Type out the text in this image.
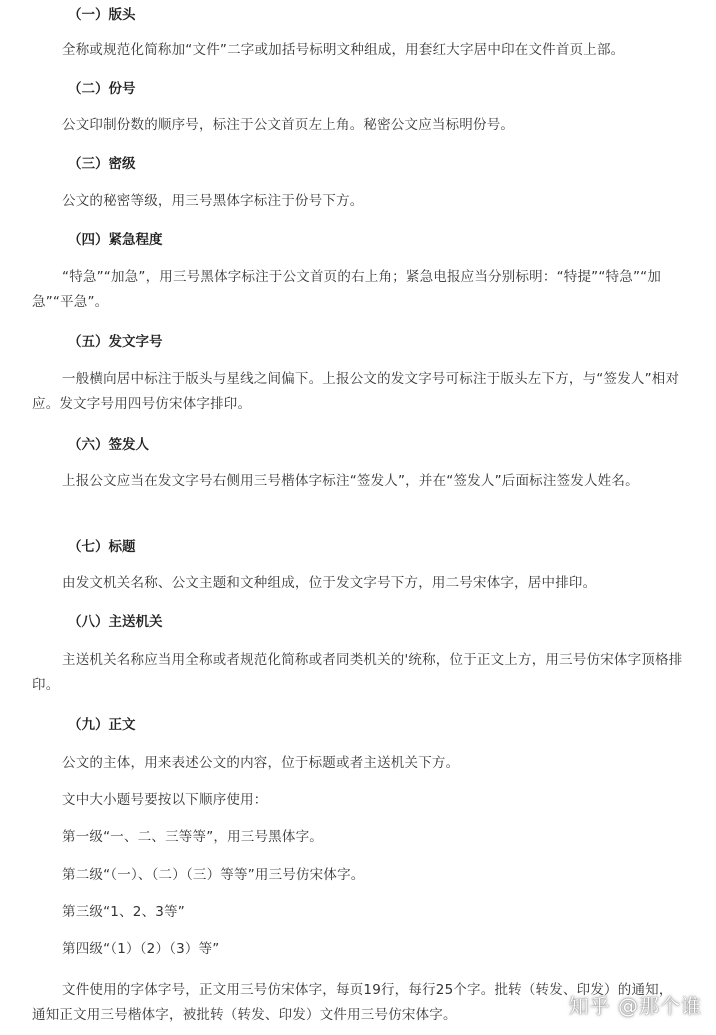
（一）版头
全称或规范化简称加“文件”二字或加括号标明文种组成，用套红大字居中印在文件首页上部。
（二）份号
公文印制份数的顺序号，标注于公文首页左上角。秘密公文应当标明份号。
（三）密级
公文的秘密等级，用三号黑体字标注于份号下方。
（四）紧急程度
“特急”“加急”，用三号黑体字标注于公文首页的右上角；紧急电报应当分别标明：“特提”“特急”“加急”“平急”。
（五）发文字号
一般横向居中标注于版头与星线之间偏下。上报公文的发文字号可标注于版头左下方，与“签发人”相对应。发文字号用四号仿宋体字排印。
（六）签发人
上报公文应当在发文字号右侧用三号楷体字标注“签发人”，并在“签发人”后面标注签发人姓名。
（七）标题
由发文机关名称、公文主题和文种组成，位于发文字号下方，用二号宋体字，居中排印。
（八）主送机关
主送机关名称应当用全称或者规范化简称或者同类机关的'统称，位于正文上方，用三号仿宋体字顶格排印。
（九）正文
公文的主体，用来表述公文的内容，位于标题或者主送机关下方。
文中大小题号要按以下顺序使用：
第一级“一、二、三等等”，用三号黑体字。
第二级“（一）、（二）（三）等等”用三号仿宋体字。
第三级“1、2、3等”
第四级“（1）（2）（3）等”
文件使用的字体字号，正文用三号仿宋体字，每页19行，每行25个字。批转（转发、印发）的通知，通知正文用三号楷体字，被批转（转发、印发）文件用三号仿宋体字。	知乎 @那个谁
